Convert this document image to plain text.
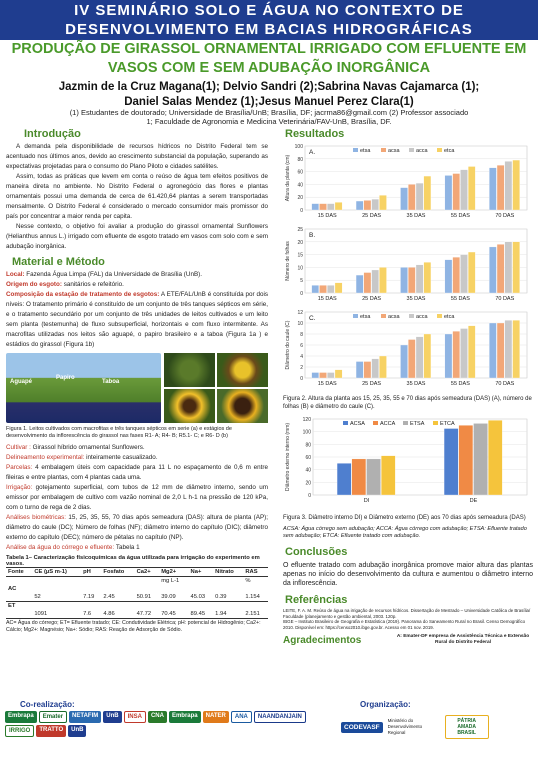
IV SEMINÁRIO SOLO E ÁGUA NO CONTEXTO DE
DESENVOLVIMENTO EM BACIAS HIDROGRÁFICAS
PRODUÇÃO DE GIRASSOL ORNAMENTAL IRRIGADO COM EFLUENTE EM
VASOS COM E SEM ADUBAÇÃO INORGÂNICA
Jazmin de la Cruz Magana(1); Delvio Sandri (2);Sabrina Navas Cajamarca (1);
Daniel Salas Mendez (1);Jesus Manuel Perez Clara(1)
(1) Estudantes de doutorado; Universidade de Brasília/UnB; Brasília, DF; jacrma86@gmail.com (2) Professor associado
1; Faculdade de Agronomia e Medicina Veterinária/FAV-UnB, Brasília, DF.
Introdução

A demanda pela disponibilidade de recursos hídricos no Distrito Federal tem se acentuado nos últimos anos, devido ao crescimento substancial da população, superando as expectativas projetadas para o consumo do Plano Piloto e cidades satélites.

Assim, todas as práticas que levem em conta o reúso de água tem efeitos positivos de maneira direta no ambiente. No Distrito Federal o agronegócio das flores e plantas ornamentais possui uma demanda de cerca de 61.420,64 plantas a serem transportadas mensalmente. O Distrito Federal é considerado o mercado consumidor mais promissor do país por concentrar a maior renda per capita.

Nesse contexto, o objetivo foi avaliar a produção do girassol ornamental Sunflowers (Helianthus annus L.) irrigado com efluente de esgoto tratado em vasos com solo com e sem adubação inorgânica.

Material e Método

Local: Fazenda Água Limpa (FAL) da Universidade de Brasília (UnB).

Origem do esgoto: sanitários e refeitório.

Composição da estação de tratamento de esgotos: A ETE/FAL/UnB é constituída por dois níveis: O tratamento primário é constituído de um conjunto de três tanques sépticos em série, e o tratamento secundário por um conjunto de três unidades de leitos cultivados e um leito sem planta (testemunha) de fluxo subsuperficial, horizontais e com fluxo intermitente. As macrofitas utilizadas nos leitos são aguapé, o papiro brasileiro e a taboa (Figura 1a ) e estádios do girassol (Figura 1b)

Aguapé
Papiro
Taboa

Figura 1. Leitos cultivados com macrofitas e três tanques sépticos em serie (a) e estágios de desenvolvimento da inflorescência do girassol nas fases R1- A; R4- B; R5.1- C; e R6- D (b)

Cultivar : Girassol híbrido ornamental Sunflowers.

Delineamento experimental: inteiramente casualizado.

Parcelas: 4 embalagem úteis com capacidade para 11 L no espaçamento de 0,6 m entre fileiras e entre plantas, com 4 plantas cada uma.

Irrigação: gotejamento superficial, com tubos de 12 mm de diâmetro interno, sendo um emissor por embalagem de cultivo com vazão nominal de 2,0 L h-1 na pressão de 120 kPa, com o turno de rega de 2 dias.

Análises biométricas: 15, 25, 35, 55, 70 dias após semeadura (DAS): altura de planta (AP); diâmetro do caule (DC); Número de folhas (NF); diâmetro interno do capítulo (DIC); diâmetro externo do capítulo (DEC); número de pétalas no capítulo (NP).

Análise da água do córrego e efluente: Tabela 1

Tabela 1– Caracterização físicoquímicas da água utilizada para irrigação do experimento em vasos.

Fonte	CE (µS m-1)	pH	Fosfato	Ca2+	Mg2+	Na+	Nitrato	RAS
					mg L-1			%
AC								
	52	7.19	2.45	50.91	39.09	45.03	0.39	1.154
ET								
	1091	7.6	4.86	47.72	70.45	89.45	1.94	2.151

AC= Água do córrego; ET= Efluente tratado; CE: Condutividade Elétrica; pH: potencial de Hidrogênio; Ca2+: Cálcio; Mg2+: Magnésio; Na+: Sódio; RAS: Reação de Adsorção de Sódio.

Resultados
0
20
40
60
80
100
Altura da planta (cm)
A.	etsa	acsa	acca	etca
15 DAS	25 DAS	35 DAS	55 DAS	70 DAS

0
5
10
15
20
25
Número de folhas
B.
15 DAS	25 DAS	35 DAS	55 DAS	70 DAS

0
2
4
6
8
10
12
Diâmetro do caule (C)
C.	etsa	acsa	acca	etca
15 DAS	25 DAS	35 DAS	55 DAS	70 DAS

Figura 2. Altura da planta aos 15, 25, 35, 55 e 70 dias após semeadura (DAS) (A), número de folhas (B) e diâmetro do caule (C).

0
20
40
60
80
100
120
Diâmetro externo interno (mm)	ACSA	ACCA	ETSA	ETCA
DI	DE

Figura 3. Diâmetro interno DI) e Diâmetro externo (DE) aos 70 dias após semeadura (DAS)

ACSA: Água córrego sem adubação; ACCA: Água córrego com adubação; ETSA: Efluente tratado sem adubação; ETCA: Efluente tratado com adubação.

Conclusões

O efluente tratado com adubação inorgânica promove maior altura das plantas apenas no início do desenvolvimento da cultura e aumentou o diâmetro interno da inflorescência.

Referências

LEITE, F. A. M. Reúso de água na irrigação de recursos hídricos. Dissertação de Mestrado – Universidade Católica de Brasília/ Faculdade (planejamento e gestão ambiental, 2003. 120p.

IBGE – Instituto Brasileiro de Geografia e Estatística (2019). Panorama do Saneamento Rural no Brasil. Censo Demográfico 2010. Disponível em: https://censo2010.ibge.gov.br. Acesso em 01 nov. 2019.

Agradecimentos	A: Emater-DF empresa de Assistência Técnica e Extensão Rural do Distrito Federal
Co-realização:
Embrapa	Emater	NETAFIM	UnB	INSA	CNA	Embrapa	NATER	ANA	NAANDANJAIN
IRRIGO	TRATTO	UnB
Organização:
CODEVASF
Ministério do Desenvolvimento Regional
PÁTRIA AMADA BRASIL
